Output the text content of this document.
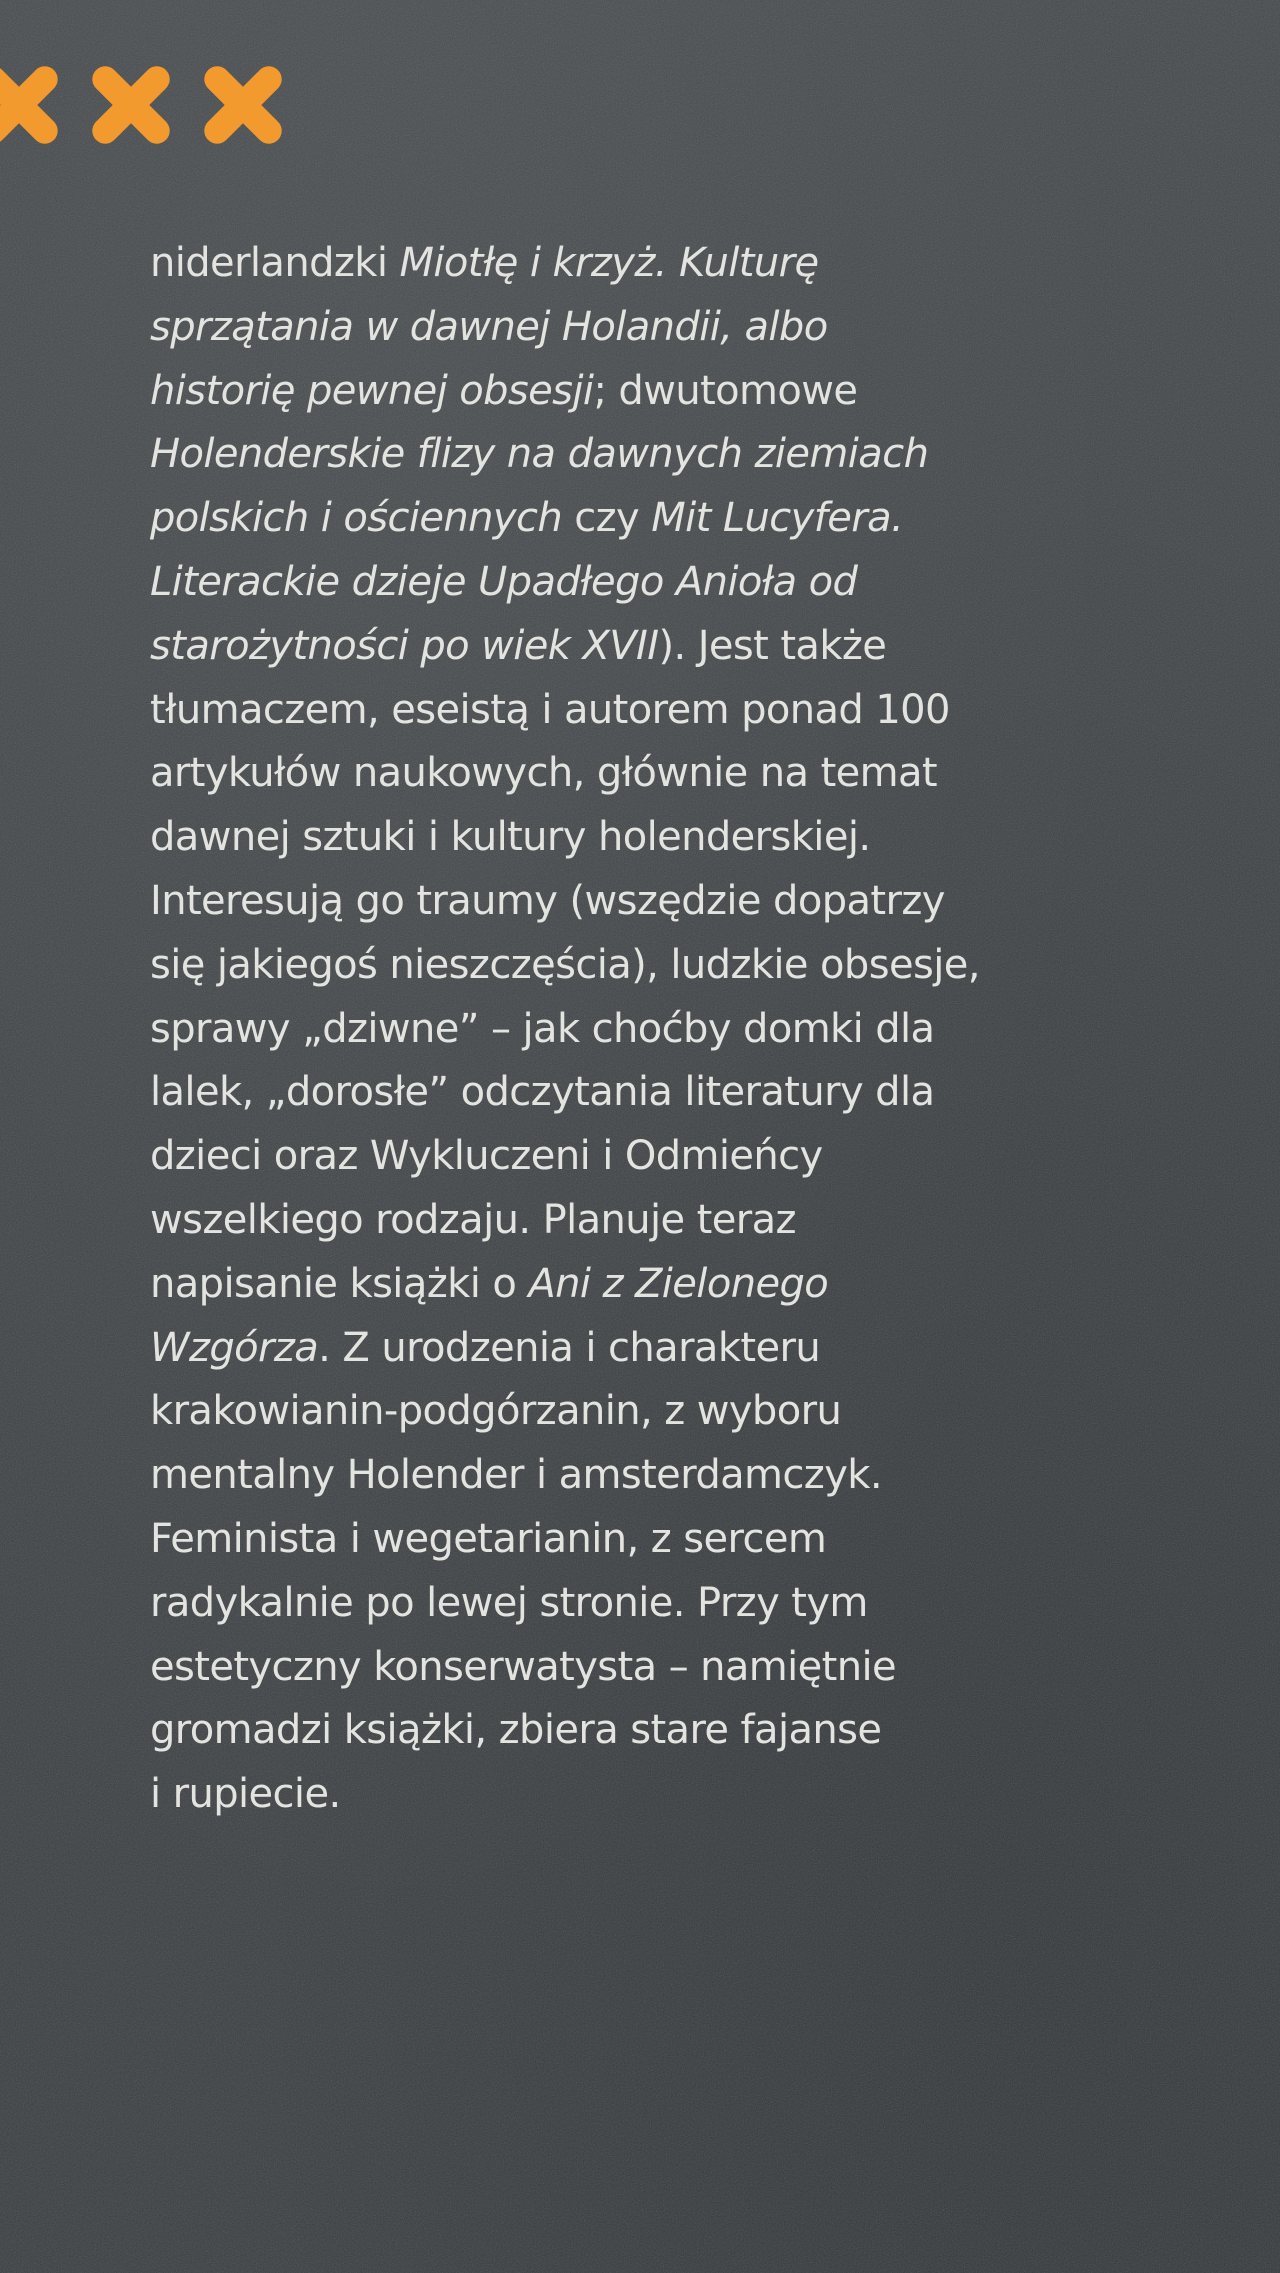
niderlandzki Miotłę i krzyż. Kulturę
sprzątania w dawnej Holandii, albo
historię pewnej obsesji; dwutomowe
Holenderskie flizy na dawnych ziemiach
polskich i ościennych czy Mit Lucyfera.
Literackie dzieje Upadłego Anioła od
starożytności po wiek XVII). Jest także
tłumaczem, eseistą i autorem ponad 100
artykułów naukowych, głównie na temat
dawnej sztuki i kultury holenderskiej.
Interesują go traumy (wszędzie dopatrzy
się jakiegoś nieszczęścia), ludzkie obsesje,
sprawy „dziwne” – jak choćby domki dla
lalek, „dorosłe” odczytania literatury dla
dzieci oraz Wykluczeni i Odmieńcy
wszelkiego rodzaju. Planuje teraz
napisanie książki o Ani z Zielonego
Wzgórza. Z urodzenia i charakteru
krakowianin-podgórzanin, z wyboru
mentalny Holender i amsterdamczyk.
Feminista i wegetarianin, z sercem
radykalnie po lewej stronie. Przy tym
estetyczny konserwatysta – namiętnie
gromadzi książki, zbiera stare fajanse
i rupiecie.
